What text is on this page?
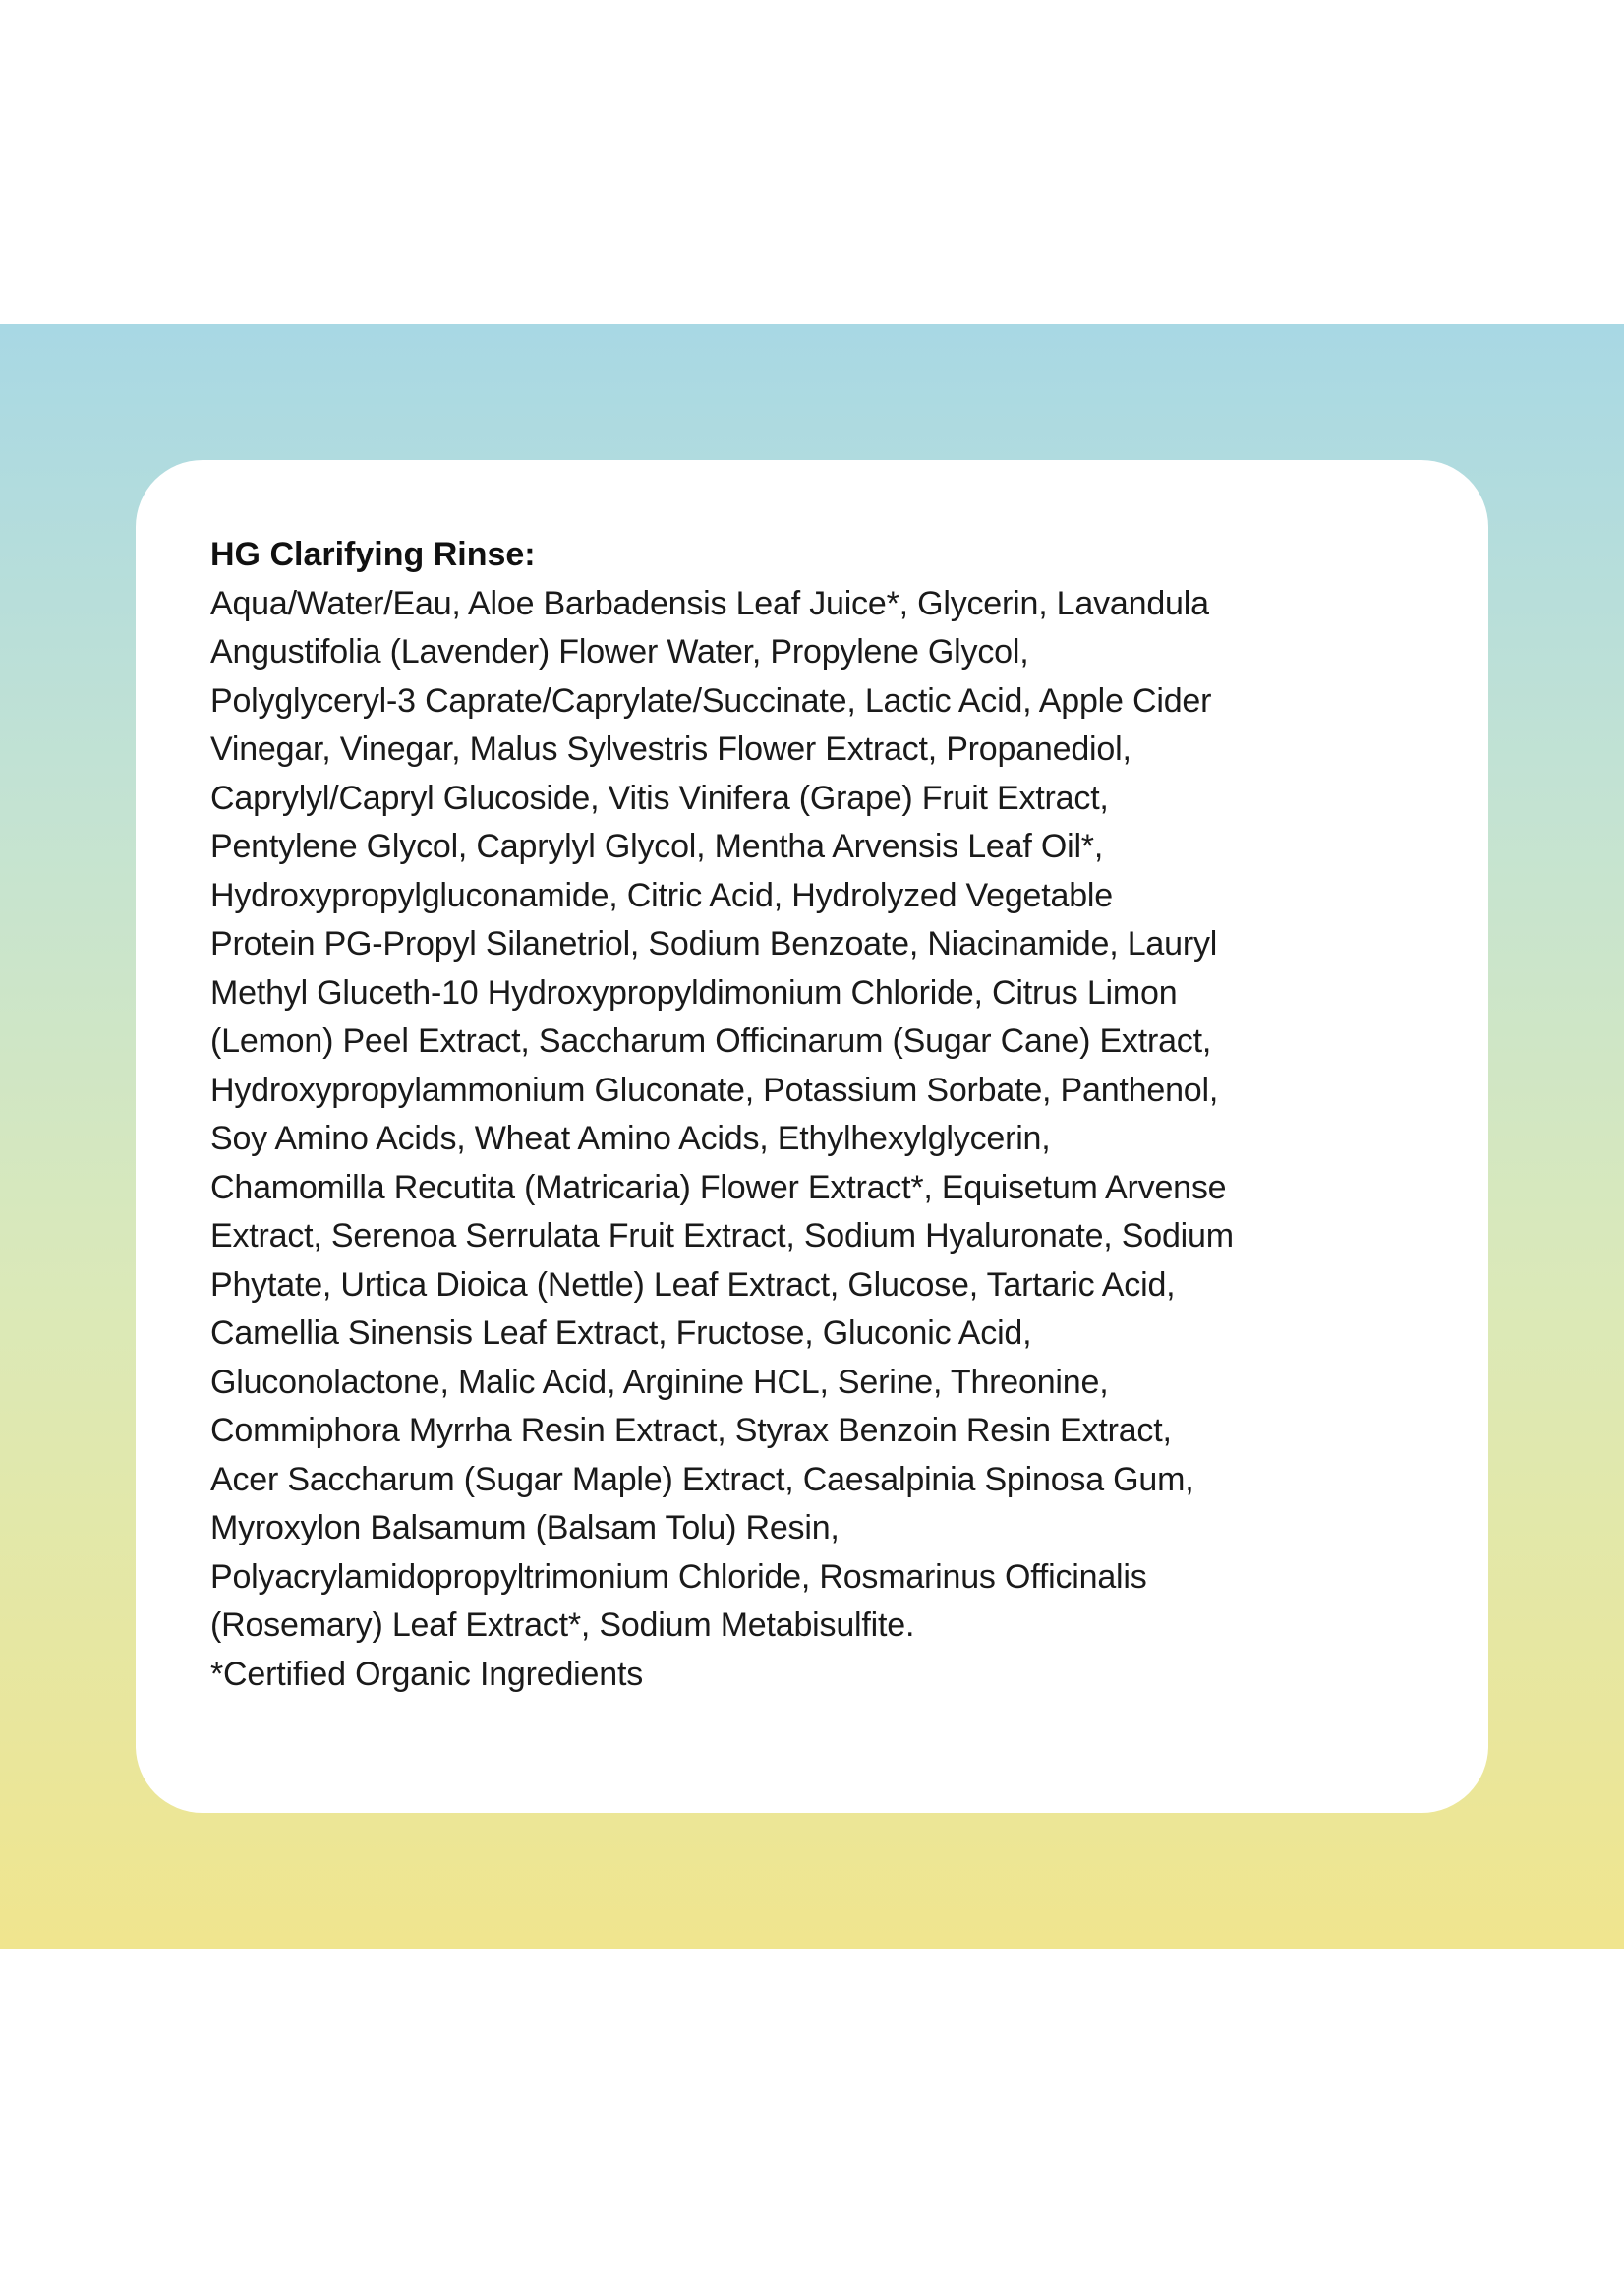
HG Clarifying Rinse:
Aqua/Water/Eau, Aloe Barbadensis Leaf Juice*, Glycerin, Lavandula
Angustifolia (Lavender) Flower Water, Propylene Glycol,
Polyglyceryl-3 Caprate/Caprylate/Succinate, Lactic Acid, Apple Cider
Vinegar, Vinegar, Malus Sylvestris Flower Extract, Propanediol,
Caprylyl/Capryl Glucoside, Vitis Vinifera (Grape) Fruit Extract,
Pentylene Glycol, Caprylyl Glycol, Mentha Arvensis Leaf Oil*,
Hydroxypropylgluconamide, Citric Acid, Hydrolyzed Vegetable
Protein PG-Propyl Silanetriol, Sodium Benzoate, Niacinamide, Lauryl
Methyl Gluceth-10 Hydroxypropyldimonium Chloride, Citrus Limon
(Lemon) Peel Extract, Saccharum Officinarum (Sugar Cane) Extract,
Hydroxypropylammonium Gluconate, Potassium Sorbate, Panthenol,
Soy Amino Acids, Wheat Amino Acids, Ethylhexylglycerin,
Chamomilla Recutita (Matricaria) Flower Extract*, Equisetum Arvense
Extract, Serenoa Serrulata Fruit Extract, Sodium Hyaluronate, Sodium
Phytate, Urtica Dioica (Nettle) Leaf Extract, Glucose, Tartaric Acid,
Camellia Sinensis Leaf Extract, Fructose, Gluconic Acid,
Gluconolactone, Malic Acid, Arginine HCL, Serine, Threonine,
Commiphora Myrrha Resin Extract, Styrax Benzoin Resin Extract,
Acer Saccharum (Sugar Maple) Extract, Caesalpinia Spinosa Gum,
Myroxylon Balsamum (Balsam Tolu) Resin,
Polyacrylamidopropyltrimonium Chloride, Rosmarinus Officinalis
(Rosemary) Leaf Extract*, Sodium Metabisulfite.
*Certified Organic Ingredients
